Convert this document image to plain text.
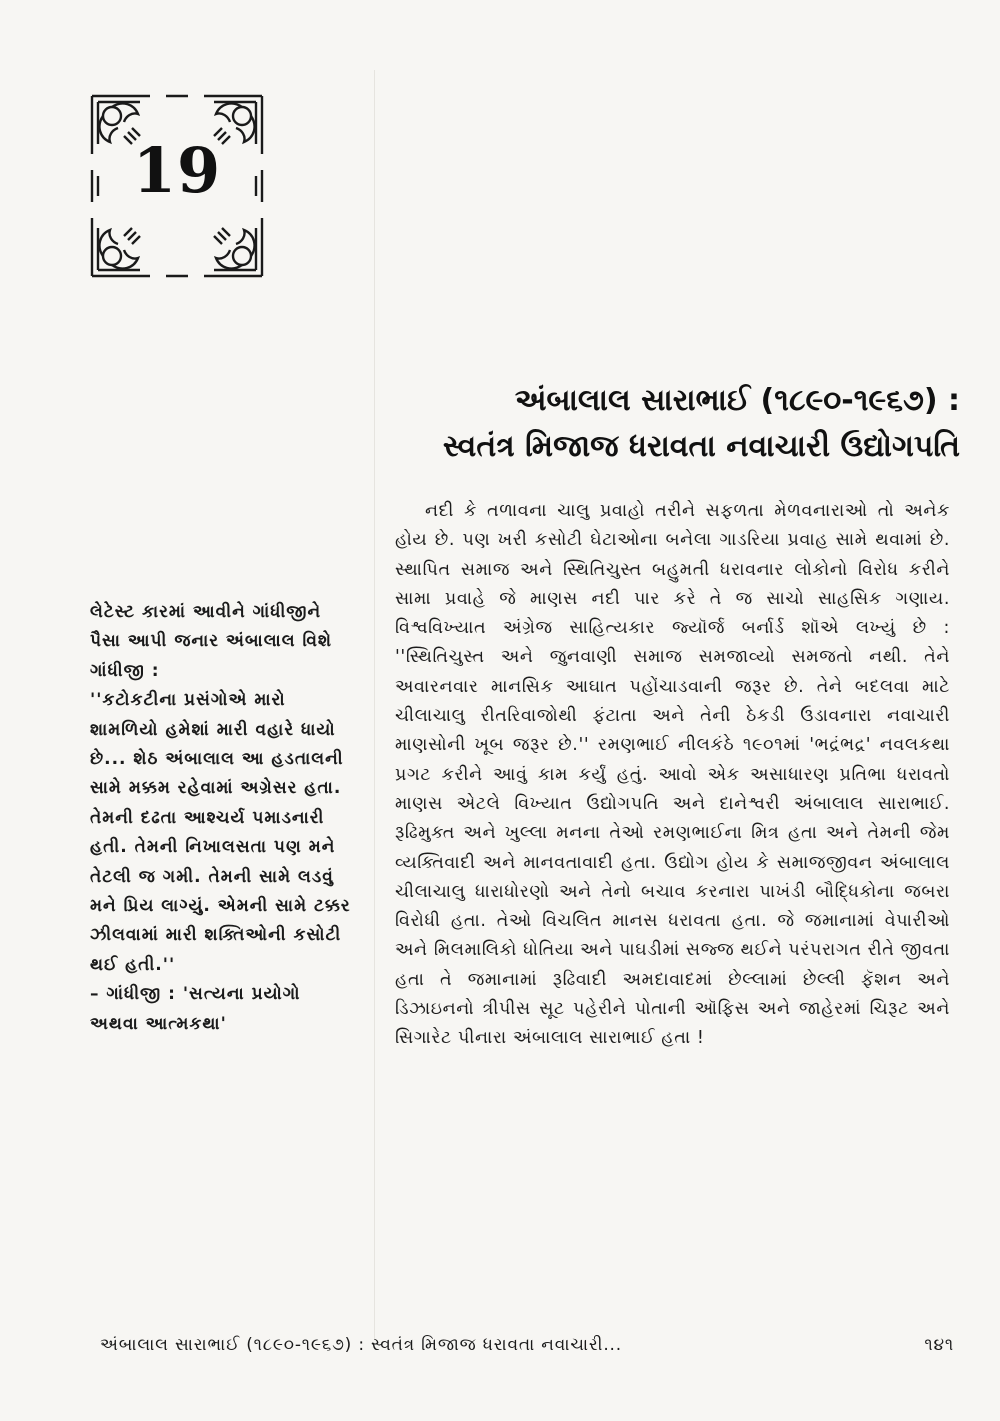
19
અંબાલાલ સારાભાઈ (૧૮૯૦-૧૯૬૭) :
સ્વતંત્ર મિજાજ ધરાવતા નવાચારી ઉદ્યોગપતિ
નદી કે તળાવના ચાલુ પ્રવાહો તરીને સફળતા મેળવનારાઓ તો અનેક હોય છે. પણ ખરી કસોટી ઘેટાઓના બનેલા ગાડરિયા પ્રવાહ સામે થવામાં છે. સ્થાપિત સમાજ અને સ્થિતિચુસ્ત બહુમતી ધરાવનાર લોકોનો વિરોધ કરીને સામા પ્રવાહે જે માણસ નદી પાર કરે તે જ સાચો સાહસિક ગણાય. વિશ્વવિખ્યાત અંગ્રેજ સાહિત્યકાર જ્યૉર્જ બર્નાર્ડ શૉએ લખ્યું છે : ''સ્થિતિચુસ્ત અને જુનવાણી સમાજ સમજાવ્યો સમજતો નથી. તેને અવારનવાર માનસિક આઘાત પહોંચાડવાની જરૂર છે. તેને બદલવા માટે ચીલાચાલુ રીતરિવાજોથી ફંટાતા અને તેની ઠેકડી ઉડાવનારા નવાચારી માણસોની ખૂબ જરૂર છે.'' રમણભાઈ નીલકંઠે ૧૯૦૧માં 'ભદ્રંભદ્ર' નવલકથા પ્રગટ કરીને આવું કામ કર્યું હતું. આવો એક અસાધારણ પ્રતિભા ધરાવતો માણસ એટલે વિખ્યાત ઉદ્યોગપતિ અને દાનેશ્વરી અંબાલાલ સારાભાઈ. રૂઢિમુક્ત અને ખુલ્લા મનના તેઓ રમણભાઈના મિત્ર હતા અને તેમની જેમ વ્યક્તિવાદી અને માનવતાવાદી હતા. ઉદ્યોગ હોય કે સમાજજીવન અંબાલાલ ચીલાચાલુ ધારાધોરણો અને તેનો બચાવ કરનારા પાખંડી બૌદ્ધિકોના જબરા વિરોધી હતા. તેઓ વિચલિત માનસ ધરાવતા હતા. જે જમાનામાં વેપારીઓ અને મિલમાલિકો ધોતિયા અને પાઘડીમાં સજ્જ થઈને પરંપરાગત રીતે જીવતા હતા તે જમાનામાં રૂઢિવાદી અમદાવાદમાં છેલ્લામાં છેલ્લી ફૅશન અને ડિઝાઇનનો ત્રીપીસ સૂટ પહેરીને પોતાની ઑફિસ અને જાહેરમાં ચિરૂટ અને સિગારેટ પીનારા અંબાલાલ સારાભાઈ હતા !

લેટેસ્ટ કારમાં આવીને ગાંધીજીને પૈસા આપી જનાર અંબાલાલ વિશે ગાંધીજી :

''કટોકટીના પ્રસંગોએ મારો શામળિયો હમેશાં મારી વહારે ધાયો છે... શેઠ અંબાલાલ આ હડતાલની સામે મક્કમ રહેવામાં અગ્રેસર હતા. તેમની દઢતા આશ્ચર્ય પમાડનારી હતી. તેમની નિખાલસતા પણ મને તેટલી જ ગમી. તેમની સામે લડવું મને પ્રિય લાગ્યું. એમની સામે ટક્કર ઝીલવામાં મારી શક્તિઓની કસોટી થઈ હતી.''

– ગાંધીજી : 'સત્યના પ્રયોગો અથવા આત્મકથા'

અંબાલાલ સારાભાઈ (૧૮૯૦-૧૯૬૭) : સ્વતંત્ર મિજાજ ધરાવતા નવાચારી...	૧૪૧
